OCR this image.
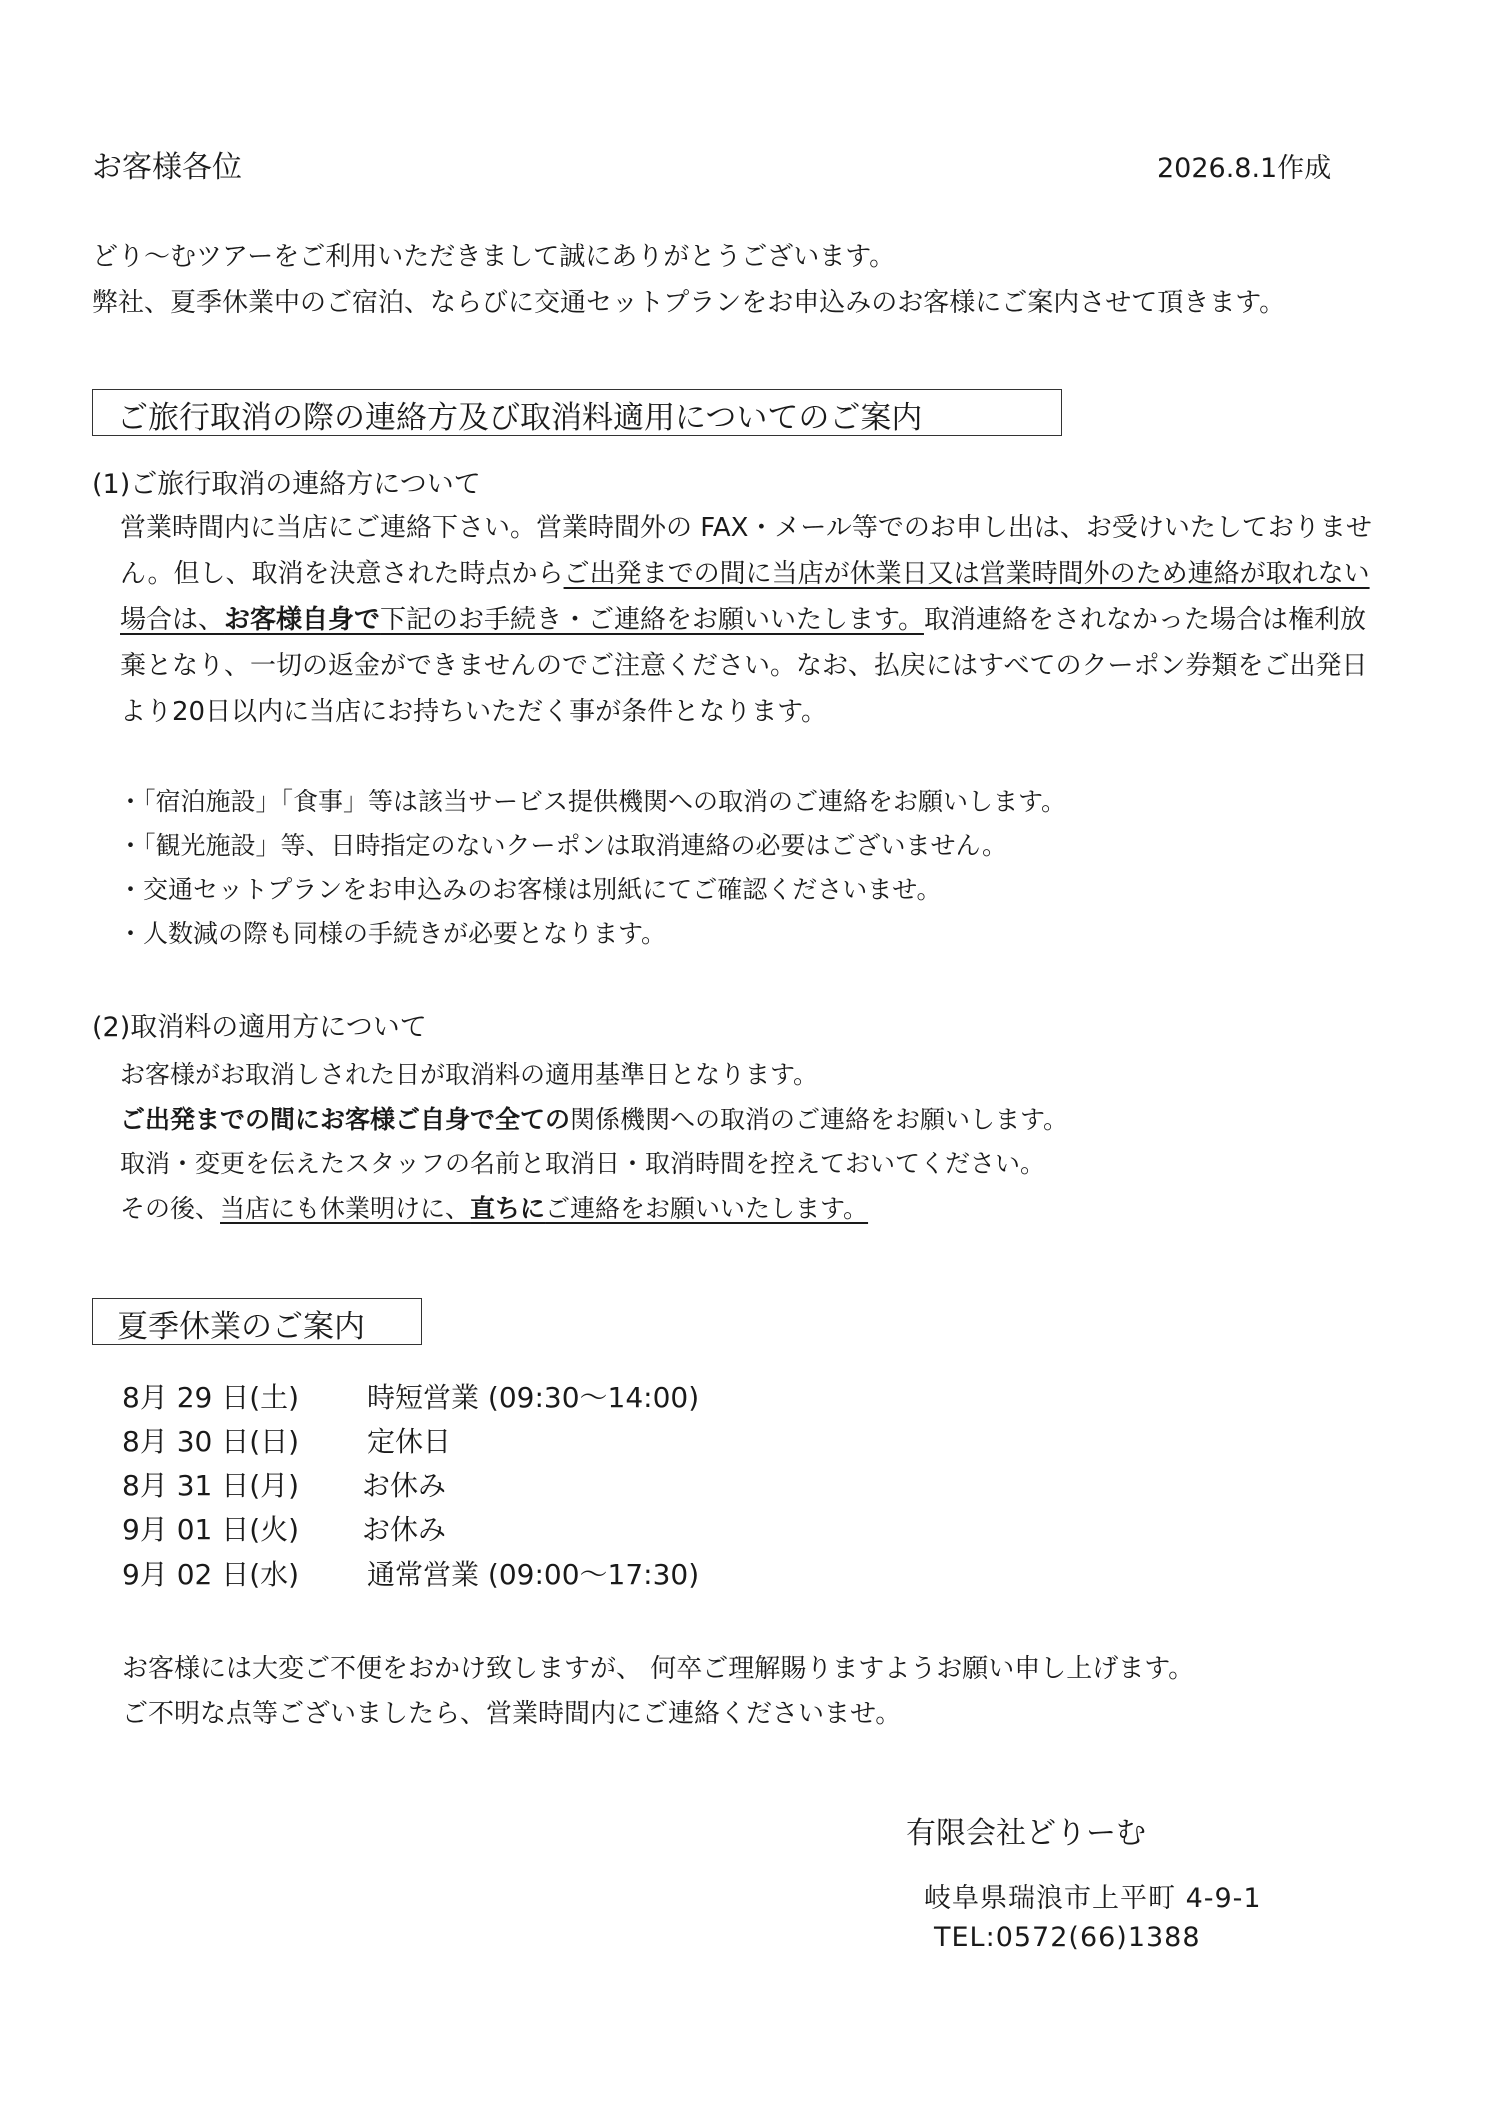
お客様各位	2026.8.1作成
どり〜むツアーをご利用いただきまして誠にありがとうございます。
弊社、夏季休業中のご宿泊、ならびに交通セットプランをお申込みのお客様にご案内させて頂きます。
ご旅行取消の際の連絡方及び取消料適用についてのご案内
(1)ご旅行取消の連絡方について
営業時間内に当店にご連絡下さい。営業時間外の FAX・メール等でのお申し出は、お受けいたしておりませ
ん。但し、取消を決意された時点からご出発までの間に当店が休業日又は営業時間外のため連絡が取れない
場合は、お客様自身で下記のお手続き・ご連絡をお願いいたします。取消連絡をされなかった場合は権利放
棄となり、一切の返金ができませんのでご注意ください。なお、払戻にはすべてのクーポン券類をご出発日
より20日以内に当店にお持ちいただく事が条件となります。
・「宿泊施設」「食事」等は該当サービス提供機関への取消のご連絡をお願いします。
・「観光施設」等、日時指定のないクーポンは取消連絡の必要はございません。
・交通セットプランをお申込みのお客様は別紙にてご確認くださいませ。
・人数減の際も同様の手続きが必要となります。
(2)取消料の適用方について
お客様がお取消しされた日が取消料の適用基準日となります。
ご出発までの間にお客様ご自身で全ての関係機関への取消のご連絡をお願いします。
取消・変更を伝えたスタッフの名前と取消日・取消時間を控えておいてください。
その後、当店にも休業明けに、直ちにご連絡をお願いいたします。
夏季休業のご案内
8月 29 日(土) 時短営業 (09:30〜14:00)
8月 30 日(日) 定休日
8月 31 日(月) お休み
9月 01 日(火) お休み
9月 02 日(水) 通常営業 (09:00〜17:30)
お客様には大変ご不便をおかけ致しますが、 何卒ご理解賜りますようお願い申し上げます。
ご不明な点等ございましたら、営業時間内にご連絡くださいませ。
有限会社どりーむ
岐阜県瑞浪市上平町 4-9-1
TEL:0572(66)1388
